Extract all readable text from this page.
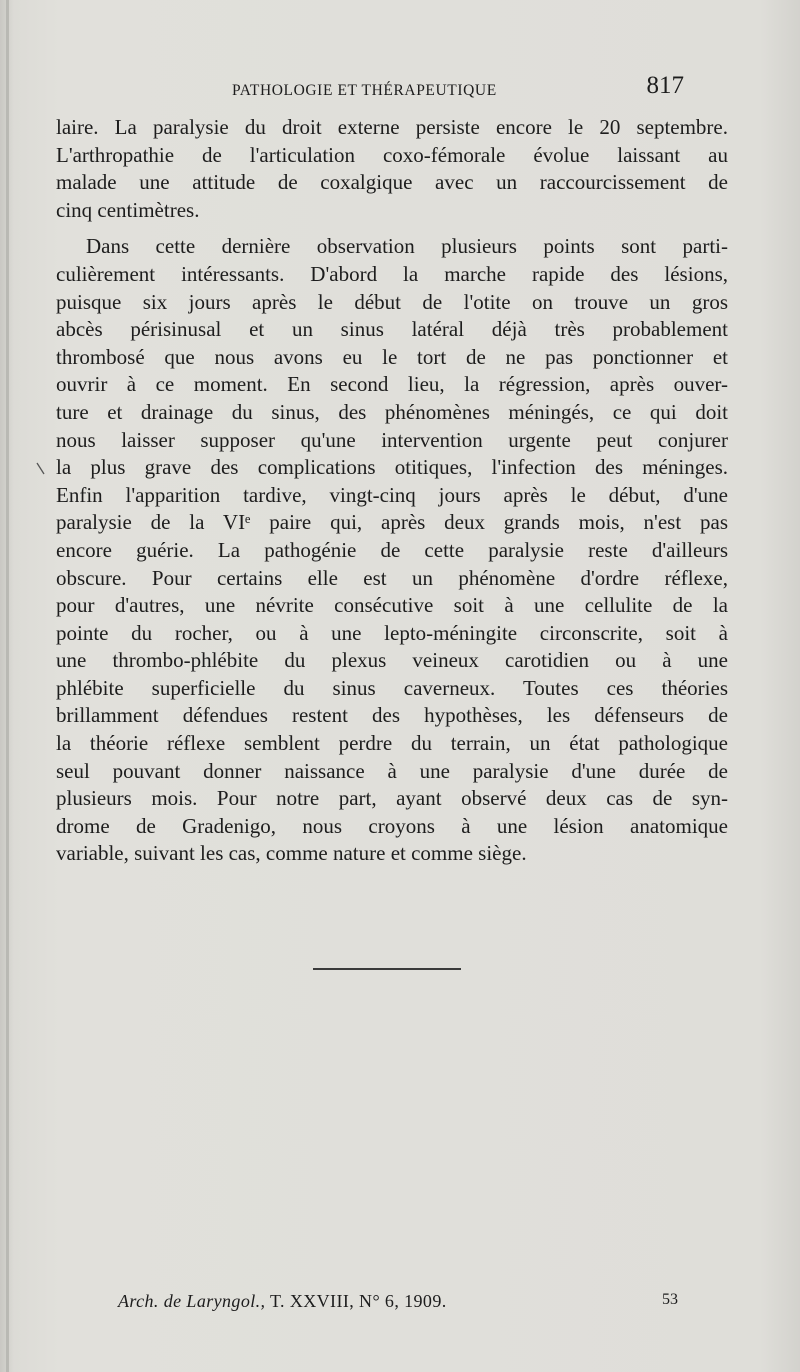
PATHOLOGIE ET THÉRAPEUTIQUE	817
laire. La paralysie du droit externe persiste encore le 20 septembre.
L'arthropathie de l'articulation coxo-fémorale évolue laissant au
malade une attitude de coxalgique avec un raccourcissement de
cinq centimètres.
Dans cette dernière observation plusieurs points sont parti-
culièrement intéressants. D'abord la marche rapide des lésions,
puisque six jours après le début de l'otite on trouve un gros
abcès périsinusal et un sinus latéral déjà très probablement
thrombosé que nous avons eu le tort de ne pas ponctionner et
ouvrir à ce moment. En second lieu, la régression, après ouver-
ture et drainage du sinus, des phénomènes méningés, ce qui doit
nous laisser supposer qu'une intervention urgente peut conjurer
la plus grave des complications otitiques, l'infection des méninges.
Enfin l'apparition tardive, vingt-cinq jours après le début, d'une
paralysie de la VIᵉ paire qui, après deux grands mois, n'est pas
encore guérie. La pathogénie de cette paralysie reste d'ailleurs
obscure. Pour certains elle est un phénomène d'ordre réflexe,
pour d'autres, une névrite consécutive soit à une cellulite de la
pointe du rocher, ou à une lepto-méningite circonscrite, soit à
une thrombo-phlébite du plexus veineux carotidien ou à une
phlébite superficielle du sinus caverneux. Toutes ces théories
brillamment défendues restent des hypothèses, les défenseurs de
la théorie réflexe semblent perdre du terrain, un état pathologique
seul pouvant donner naissance à une paralysie d'une durée de
plusieurs mois. Pour notre part, ayant observé deux cas de syn-
drome de Gradenigo, nous croyons à une lésion anatomique
variable, suivant les cas, comme nature et comme siège.
Arch. de Laryngol., T. XXVIII, N° 6, 1909.	53
